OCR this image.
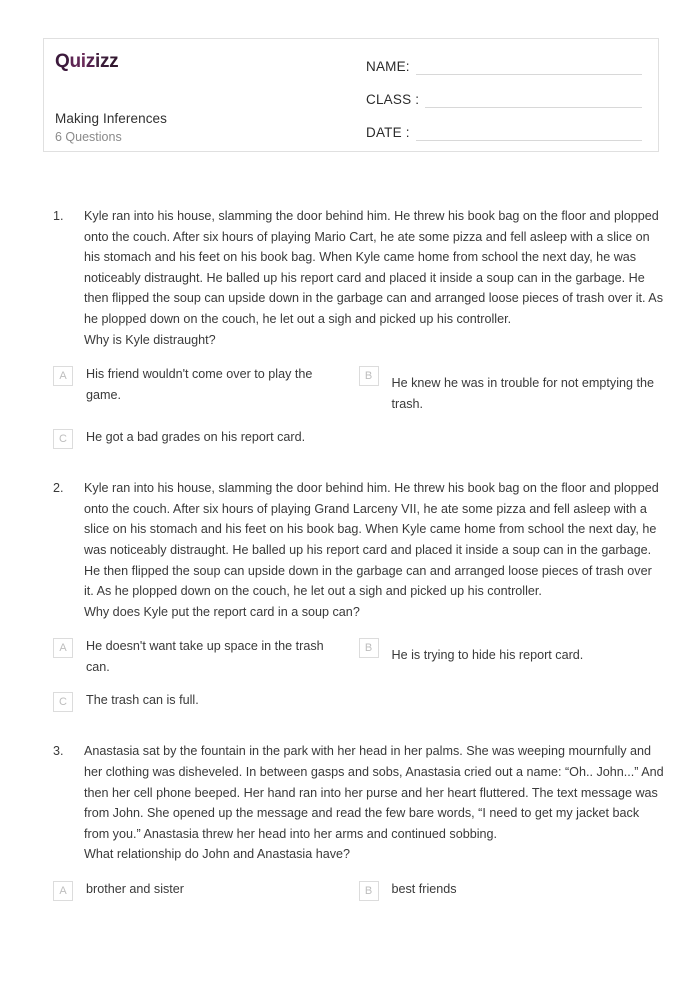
Quizizz
Making Inferences
6 Questions
NAME:
CLASS :
DATE :
1.	Kyle ran into his house, slamming the door behind him. He threw his book bag on the floor and plopped onto the couch. After six hours of playing Mario Cart, he ate some pizza and fell asleep with a slice on his stomach and his feet on his book bag. When Kyle came home from school the next day, he was noticeably distraught. He balled up his report card and placed it inside a soup can in the garbage. He then flipped the soup can upside down in the garbage can and arranged loose pieces of trash over it. As he plopped down on the couch, he let out a sigh and picked up his controller.

Why is Kyle distraught?

A	His friend wouldn't come over to play the game.
B	He knew he was in trouble for not emptying the trash.
C	He got a bad grades on his report card.
2.	Kyle ran into his house, slamming the door behind him. He threw his book bag on the floor and plopped onto the couch. After six hours of playing Grand Larceny VII, he ate some pizza and fell asleep with a slice on his stomach and his feet on his book bag. When Kyle came home from school the next day, he was noticeably distraught. He balled up his report card and placed it inside a soup can in the garbage. He then flipped the soup can upside down in the garbage can and arranged loose pieces of trash over it. As he plopped down on the couch, he let out a sigh and picked up his controller.

Why does Kyle put the report card in a soup can?

A	He doesn't want take up space in the trash can.
B	He is trying to hide his report card.
C	The trash can is full.
3.	Anastasia sat by the fountain in the park with her head in her palms. She was weeping mournfully and her clothing was disheveled. In between gasps and sobs, Anastasia cried out a name: “Oh.. John...” And then her cell phone beeped. Her hand ran into her purse and her heart fluttered. The text message was from John. She opened up the message and read the few bare words, “I need to get my jacket back from you.” Anastasia threw her head into her arms and continued sobbing.

What relationship do John and Anastasia have?

A	brother and sister	B	best friends
